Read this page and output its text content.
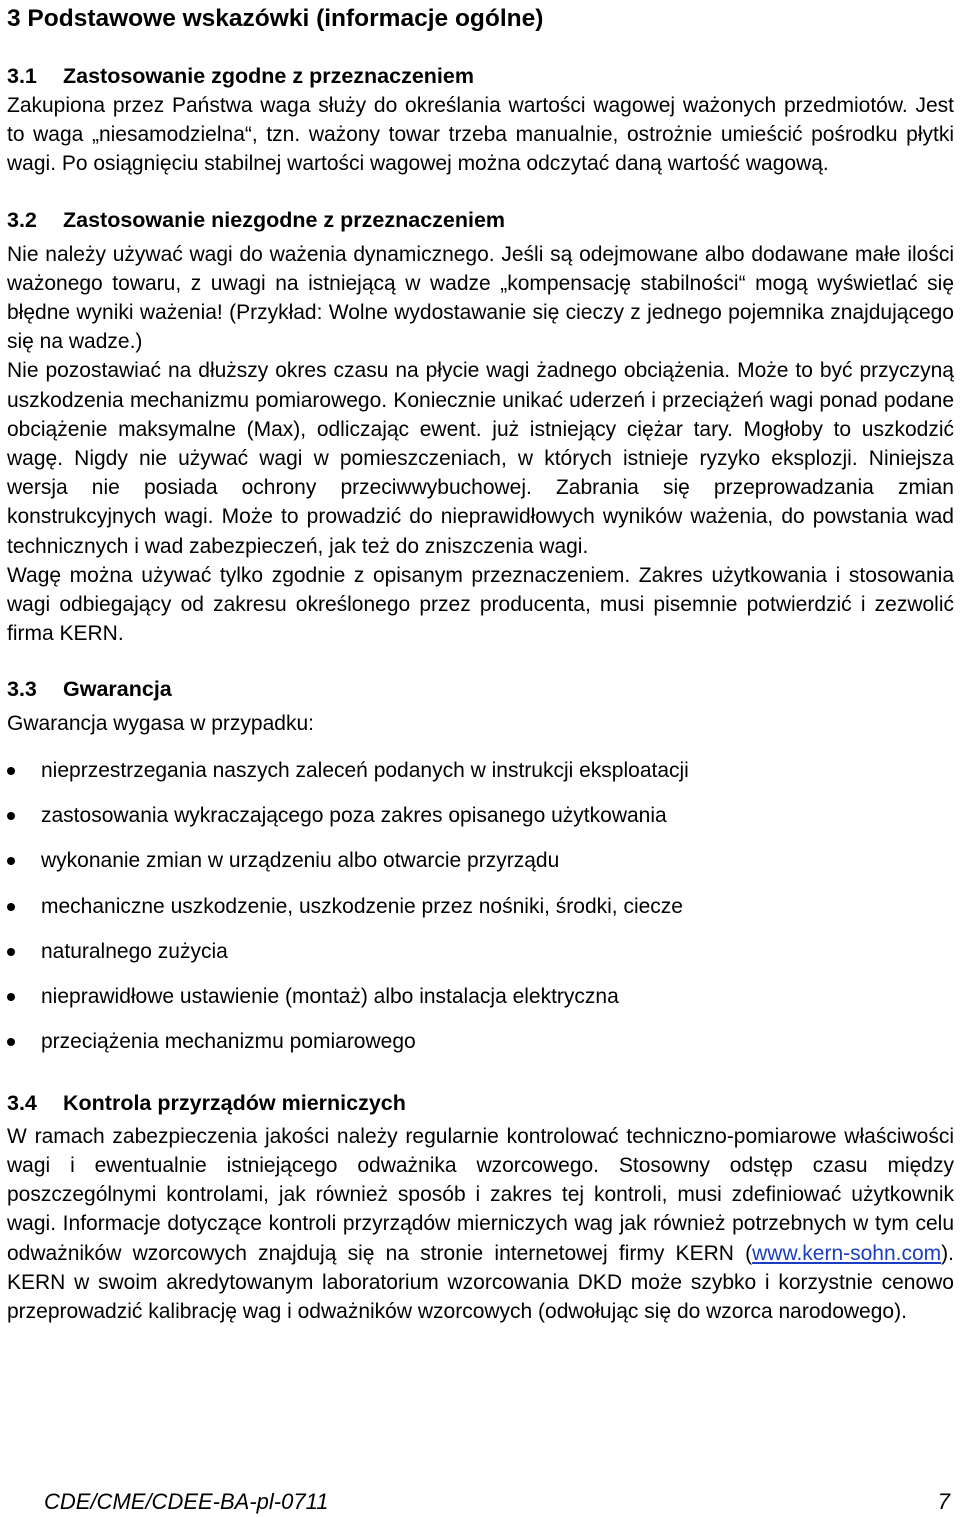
3 Podstawowe wskazówki (informacje ogólne)
3.1 Zastosowanie zgodne z przeznaczeniem

Zakupiona przez Państwa waga służy do określania wartości wagowej ważonych przedmiotów. Jest to waga „niesamodzielna“, tzn. ważony towar trzeba manualnie, ostrożnie umieścić pośrodku płytki wagi. Po osiągnięciu stabilnej wartości wagowej można odczytać daną wartość wagową.

3.2 Zastosowanie niezgodne z przeznaczeniem

Nie należy używać wagi do ważenia dynamicznego. Jeśli są odejmowane albo dodawane małe ilości ważonego towaru, z uwagi na istniejącą w wadze „kompensację stabilności“ mogą wyświetlać się błędne wyniki ważenia! (Przykład: Wolne wydostawanie się cieczy z jednego pojemnika znajdującego się na wadze.)

Nie pozostawiać na dłuższy okres czasu na płycie wagi żadnego obciążenia. Może to być przyczyną uszkodzenia mechanizmu pomiarowego. Koniecznie unikać uderzeń i przeciążeń wagi ponad podane obciążenie maksymalne (Max), odliczając ewent. już istniejący ciężar tary. Mogłoby to uszkodzić wagę. Nigdy nie używać wagi w pomieszczeniach, w których istnieje ryzyko eksplozji. Niniejsza wersja nie posiada ochrony przeciwwybuchowej. Zabrania się przeprowadzania zmian konstrukcyjnych wagi. Może to prowadzić do nieprawidłowych wyników ważenia, do powstania wad technicznych i wad zabezpieczeń, jak też do zniszczenia wagi.

Wagę można używać tylko zgodnie z opisanym przeznaczeniem. Zakres użytkowania i stosowania wagi odbiegający od zakresu określonego przez producenta, musi pisemnie potwierdzić i zezwolić firma KERN.

3.3 Gwarancja

Gwarancja wygasa w przypadku:

nieprzestrzegania naszych zaleceń podanych w instrukcji eksploatacji
zastosowania wykraczającego poza zakres opisanego użytkowania
wykonanie zmian w urządzeniu albo otwarcie przyrządu
mechaniczne uszkodzenie, uszkodzenie przez nośniki, środki, ciecze
naturalnego zużycia
nieprawidłowe ustawienie (montaż) albo instalacja elektryczna
przeciążenia mechanizmu pomiarowego
3.4 Kontrola przyrządów mierniczych

W ramach zabezpieczenia jakości należy regularnie kontrolować techniczno-pomiarowe właściwości wagi i ewentualnie istniejącego odważnika wzorcowego. Stosowny odstęp czasu między poszczególnymi kontrolami, jak również sposób i zakres tej kontroli, musi zdefiniować użytkownik wagi. Informacje dotyczące kontroli przyrządów mierniczych wag jak również potrzebnych w tym celu odważników wzorcowych znajdują się na stronie internetowej firmy KERN (www.kern-sohn.com). KERN w swoim akredytowanym laboratorium wzorcowania DKD może szybko i korzystnie cenowo przeprowadzić kalibrację wag i odważników wzorcowych (odwołując się do wzorca narodowego).

CDE/CME/CDEE-BA-pl-0711	7
